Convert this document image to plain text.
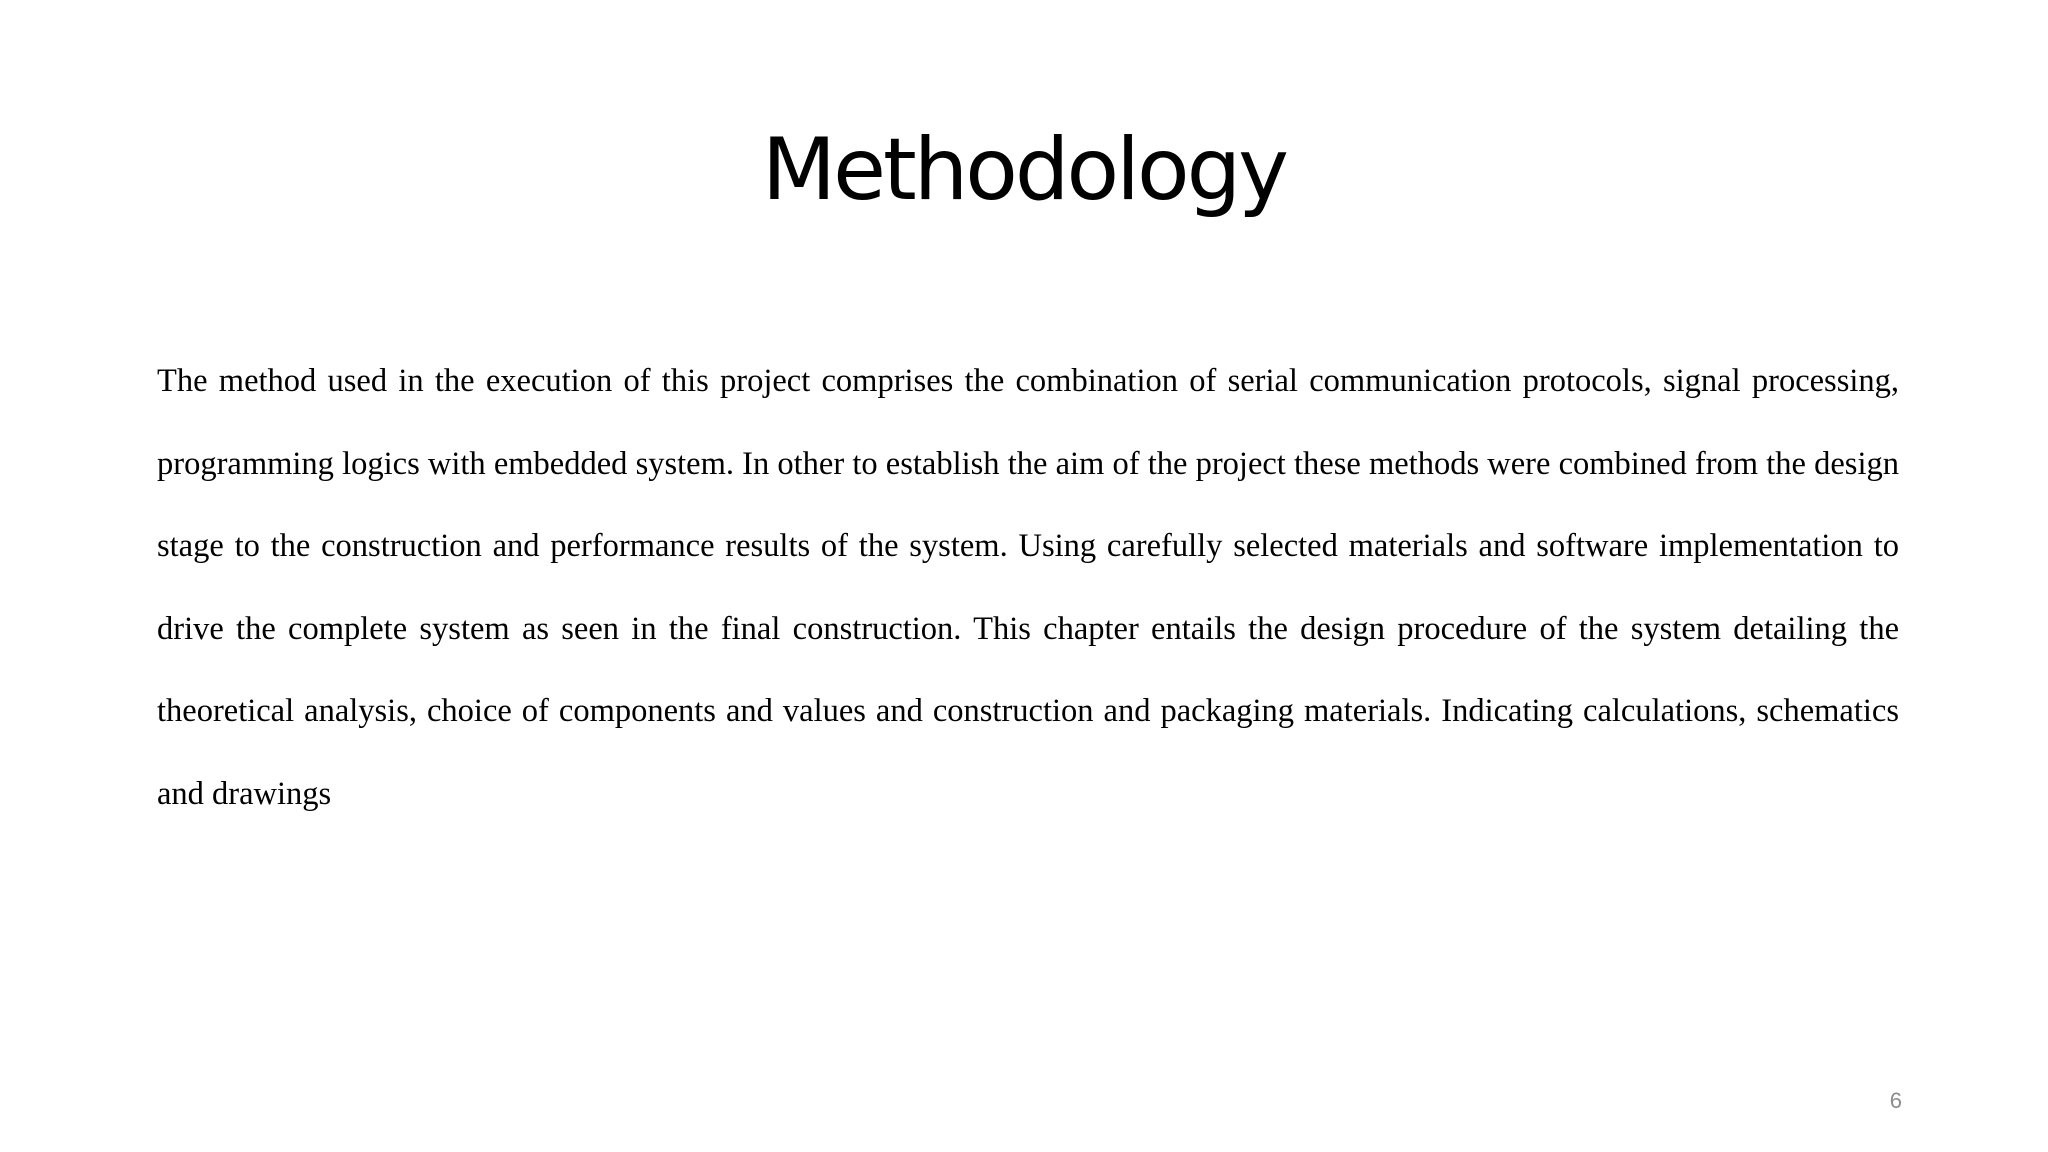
Methodology

The method used in the execution of this project comprises the combination of serial communication protocols, signal processing, programming logics with embedded system. In other to establish the aim of the project these methods were combined from the design stage to the construction and performance results of the system. Using carefully selected materials and software implementation to drive the complete system as seen in the final construction. This chapter entails the design procedure of the system detailing the theoretical analysis, choice of components and values and construction and packaging materials. Indicating calculations, schematics and drawings

6
